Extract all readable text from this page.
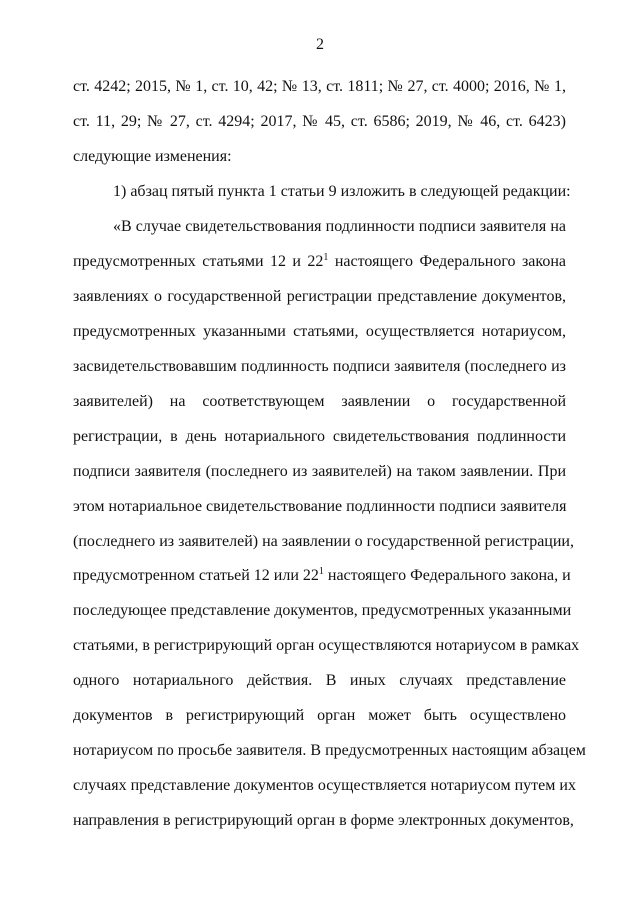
2
ст. 4242; 2015, № 1, ст. 10, 42; № 13, ст. 1811; № 27, ст. 4000; 2016, № 1,
ст. 11, 29; № 27, ст. 4294; 2017, № 45, ст. 6586; 2019, № 46, ст. 6423)
следующие изменения:
1) абзац пятый пункта 1 статьи 9 изложить в следующей редакции:
«В случае свидетельствования подлинности подписи заявителя на
предусмотренных статьями 12 и $22^1$ настоящего Федерального закона
заявлениях о государственной регистрации представление документов,
предусмотренных указанными статьями, осуществляется нотариусом,
засвидетельствовавшим подлинность подписи заявителя (последнего из
заявителей) на соответствующем заявлении о государственной
регистрации, в день нотариального свидетельствования подлинности
подписи заявителя (последнего из заявителей) на таком заявлении. При
этом нотариальное свидетельствование подлинности подписи заявителя
(последнего из заявителей) на заявлении о государственной регистрации,
предусмотренном статьей 12 или $22^1$ настоящего Федерального закона, и
последующее представление документов, предусмотренных указанными
статьями, в регистрирующий орган осуществляются нотариусом в рамках
одного нотариального действия. В иных случаях представление
документов в регистрирующий орган может быть осуществлено
нотариусом по просьбе заявителя. В предусмотренных настоящим абзацем
случаях представление документов осуществляется нотариусом путем их
направления в регистрирующий орган в форме электронных документов,
